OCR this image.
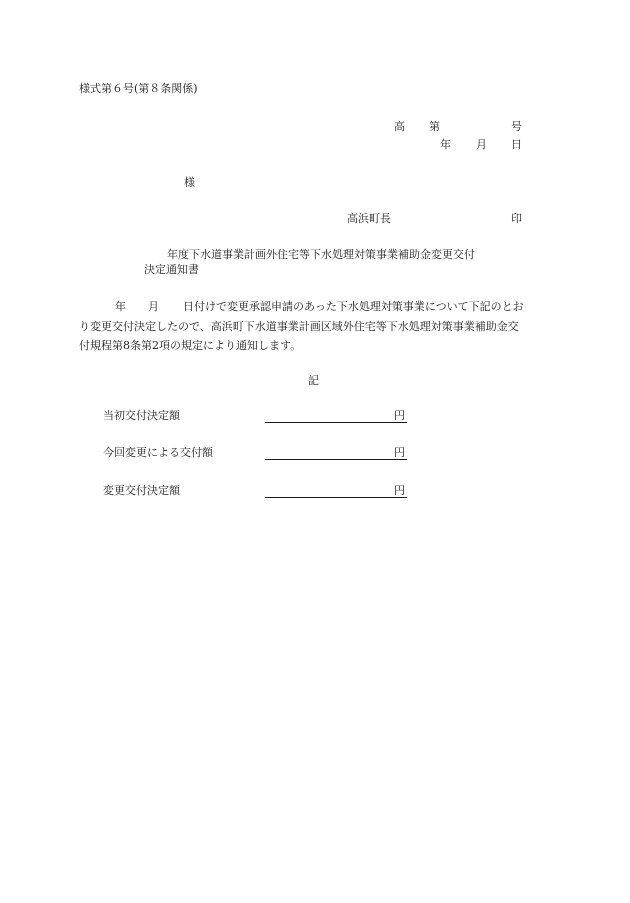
様式第６号(第８条関係)
高 第	号
年 月 日
様
高浜町長	印
年度下水道事業計画外住宅等下水処理対策事業補助金変更交付
決定通知書
年 月 日付けで変更承認申請のあった下水処理対策事業について下記のとお
り変更交付決定したので、高浜町下水道事業計画区域外住宅等下水処理対策事業補助金交
付規程第8条第2項の規定により通知します。
記
当初交付決定額	円
今回変更による交付額	円
変更交付決定額	円
